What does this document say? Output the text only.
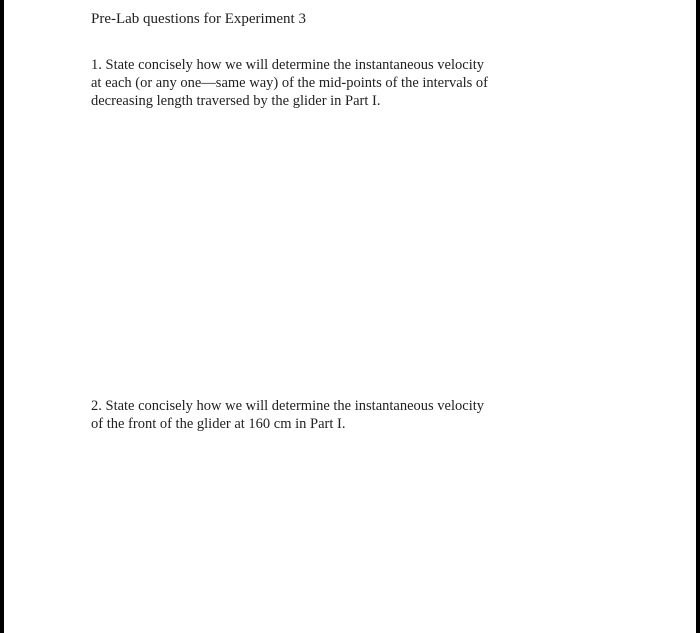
Pre-Lab questions for Experiment 3

1. State concisely how we will determine the instantaneous velocity
at each (or any one—same way) of the mid-points of the intervals of
decreasing length traversed by the glider in Part I.

2. State concisely how we will determine the instantaneous velocity
of the front of the glider at 160 cm in Part I.
